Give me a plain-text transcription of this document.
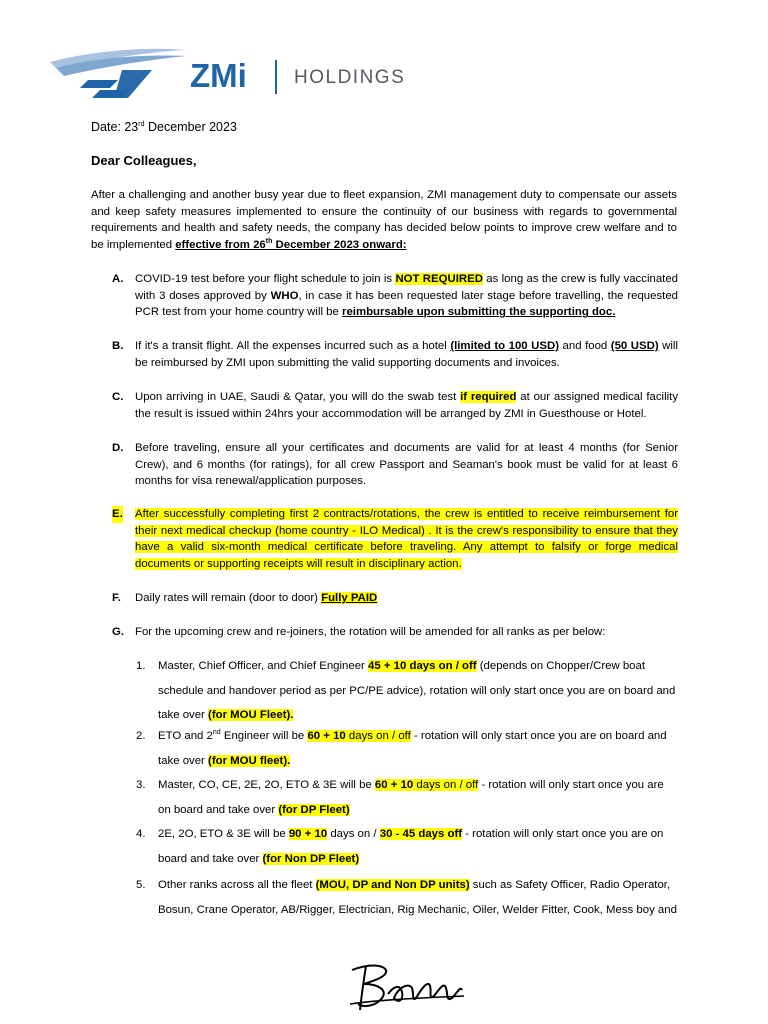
ZMi HOLDINGS
Date: 23rd December 2023
Dear Colleagues,
After a challenging and another busy year due to fleet expansion, ZMI management duty to compensate our assets and keep safety measures implemented to ensure the continuity of our business with regards to governmental requirements and health and safety needs, the company has decided below points to improve crew welfare and to be implemented effective from 26th December 2023 onward:
A. COVID-19 test before your flight schedule to join is NOT REQUIRED as long as the crew is fully vaccinated with 3 doses approved by WHO, in case it has been requested later stage before travelling, the requested PCR test from your home country will be reimbursable upon submitting the supporting doc.
B. If it's a transit flight. All the expenses incurred such as a hotel (limited to 100 USD) and food (50 USD) will be reimbursed by ZMI upon submitting the valid supporting documents and invoices.
C. Upon arriving in UAE, Saudi & Qatar, you will do the swab test if required at our assigned medical facility the result is issued within 24hrs your accommodation will be arranged by ZMI in Guesthouse or Hotel.
D. Before traveling, ensure all your certificates and documents are valid for at least 4 months (for Senior Crew), and 6 months (for ratings), for all crew Passport and Seaman's book must be valid for at least 6 months for visa renewal/application purposes.
E. After successfully completing first 2 contracts/rotations, the crew is entitled to receive reimbursement for their next medical checkup (home country - ILO Medical) . It is the crew's responsibility to ensure that they have a valid six-month medical certificate before traveling. Any attempt to falsify or forge medical documents or supporting receipts will result in disciplinary action.
F. Daily rates will remain (door to door) Fully PAID
G. For the upcoming crew and re-joiners, the rotation will be amended for all ranks as per below:
1. Master, Chief Officer, and Chief Engineer 45 + 10 days on / off (depends on Chopper/Crew boat schedule and handover period as per PC/PE advice), rotation will only start once you are on board and take over (for MOU Fleet).
2. ETO and 2nd Engineer will be 60 + 10 days on / off - rotation will only start once you are on board and take over (for MOU fleet).
3. Master, CO, CE, 2E, 2O, ETO & 3E will be 60 + 10 days on / off - rotation will only start once you are on board and take over (for DP Fleet)
4. 2E, 2O, ETO & 3E will be 90 + 10 days on / 30 - 45 days off - rotation will only start once you are on board and take over (for Non DP Fleet)
5. Other ranks across all the fleet (MOU, DP and Non DP units) such as Safety Officer, Radio Operator, Bosun, Crane Operator, AB/Rigger, Electrician, Rig Mechanic, Oiler, Welder Fitter, Cook, Mess boy and
